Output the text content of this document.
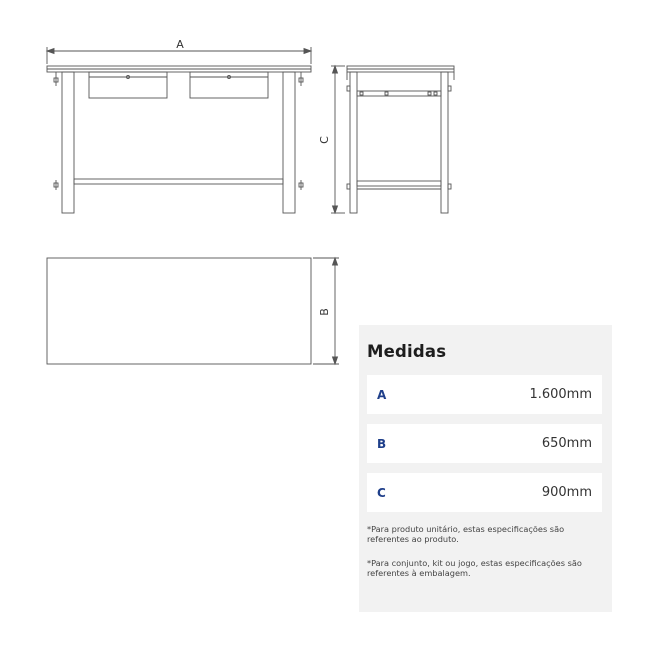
A
C
B
Medidas
A	1.600mm
B	650mm
C	900mm
*Para produto unitário, estas especificações são referentes ao produto.
*Para conjunto, kit ou jogo, estas especificações são referentes à embalagem.
